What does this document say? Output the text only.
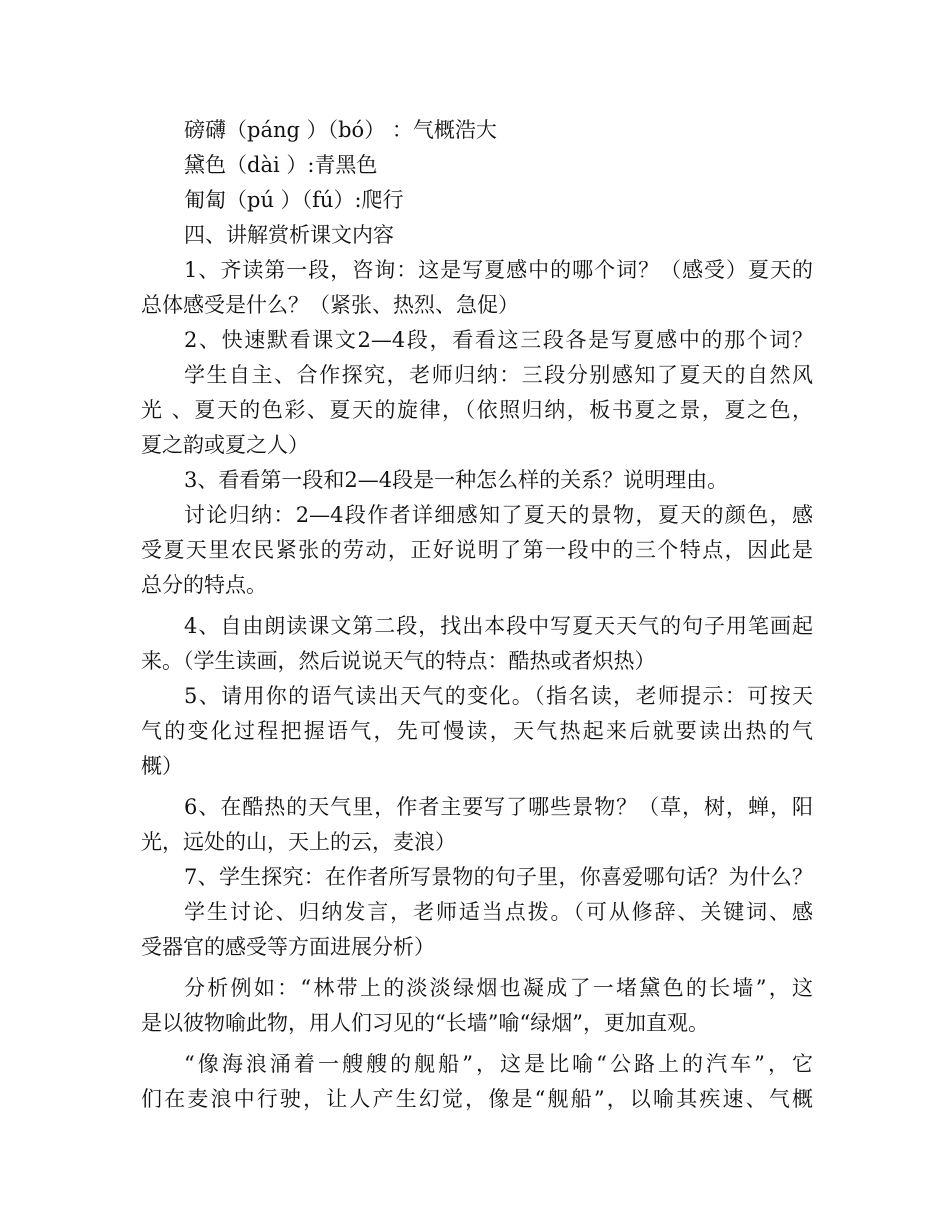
磅礴（páng ）（bó） ：气概浩大
黛色（dài ）:青黑色
匍匐（pú ）（fú）:爬行
四、讲解赏析课文内容
1、齐读第一段，咨询：这是写夏感中的哪个词？（感受）夏天的
总体感受是什么？（紧张、热烈、急促）
2、快速默看课文2—4段，看看这三段各是写夏感中的那个词？
学生自主、合作探究，老师归纳：三段分别感知了夏天的自然风
光 、夏天的色彩、夏天的旋律，（依照归纳，板书夏之景，夏之色，
夏之韵或夏之人）
3、看看第一段和2—4段是一种怎么样的关系？说明理由。
讨论归纳：2—4段作者详细感知了夏天的景物，夏天的颜色，感
受夏天里农民紧张的劳动，正好说明了第一段中的三个特点，因此是
总分的特点。
4、自由朗读课文第二段，找出本段中写夏天天气的句子用笔画起
来。（学生读画，然后说说天气的特点：酷热或者炽热）
5、请用你的语气读出天气的变化。（指名读，老师提示：可按天
气的变化过程把握语气，先可慢读，天气热起来后就要读出热的气
概）
6、在酷热的天气里，作者主要写了哪些景物？（草，树，蝉，阳
光，远处的山，天上的云，麦浪）
7、学生探究：在作者所写景物的句子里，你喜爱哪句话？为什么？
学生讨论、归纳发言，老师适当点拨。（可从修辞、关键词、感
受器官的感受等方面进展分析）
分析例如：“林带上的淡淡绿烟也凝成了一堵黛色的长墙”，这
是以彼物喻此物，用人们习见的“长墙”喻“绿烟”，更加直观。
“像海浪涌着一艘艘的舰船”，这是比喻“公路上的汽车”，它
们在麦浪中行驶，让人产生幻觉，像是“舰船”，以喻其疾速、气概
